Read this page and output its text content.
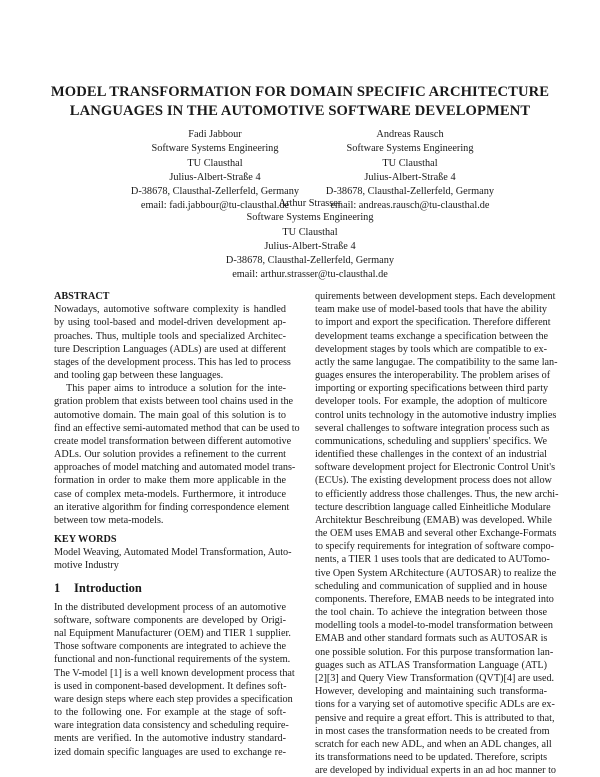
MODEL TRANSFORMATION FOR DOMAIN SPECIFIC ARCHITECTURE
LANGUAGES IN THE AUTOMOTIVE SOFTWARE DEVELOPMENT
Fadi Jabbour
Software Systems Engineering
TU Clausthal
Julius-Albert-Straße 4
D-38678, Clausthal-Zellerfeld, Germany
email: fadi.jabbour@tu-clausthal.de
Andreas Rausch
Software Systems Engineering
TU Clausthal
Julius-Albert-Straße 4
D-38678, Clausthal-Zellerfeld, Germany
email: andreas.rausch@tu-clausthal.de
Arthur Strasser
Software Systems Engineering
TU Clausthal
Julius-Albert-Straße 4
D-38678, Clausthal-Zellerfeld, Germany
email: arthur.strasser@tu-clausthal.de
ABSTRACT
Nowadays, automotive software complexity is handled
by using tool-based and model-driven development ap-
proaches. Thus, multiple tools and specialized Architec-
ture Description Languages (ADLs) are used at different
stages of the development process. This has led to process
and tooling gap between these languages.
This paper aims to introduce a solution for the inte-
gration problem that exists between tool chains used in the
automotive domain. The main goal of this solution is to
find an effective semi-automated method that can be used to
create model transformation between different automotive
ADLs. Our solution provides a refinement to the current
approaches of model matching and automated model trans-
formation in order to make them more applicable in the
case of complex meta-models. Furthermore, it introduce
an iterative algorithm for finding correspondence element
between tow meta-models.
KEY WORDS
Model Weaving, Automated Model Transformation, Auto-
motive Industry
1 Introduction
In the distributed development process of an automotive
software, software components are developed by Origi-
nal Equipment Manufacturer (OEM) and TIER 1 supplier.
Those software components are integrated to achieve the
functional and non-functional requirements of the system.
The V-model [1] is a well known development process that
is used in component-based development. It defines soft-
ware design steps where each step provides a specification
to the following one. For example at the stage of soft-
ware integration data consistency and scheduling require-
ments are verified. In the automotive industry standard-
ized domain specific languages are used to exchange re-
quirements between development steps. Each development
team make use of model-based tools that have the ability
to import and export the specification. Therefore different
development teams exchange a specification between the
development stages by tools which are compatible to ex-
actly the same langugae. The compatibility to the same lan-
guages ensures the interoperability. The problem arises of
importing or exporting specifications between third party
developer tools. For example, the adoption of multicore
control units technology in the automotive industry implies
several challenges to software integration process such as
communications, scheduling and suppliers' specifics. We
identified these challenges in the context of an industrial
software development project for Electronic Control Unit's
(ECUs). The existing development process does not allow
to efficiently address those challenges. Thus, the new archi-
tecture describtion language called Einheitliche Modulare
Architektur Beschreibung (EMAB) was developed. While
the OEM uses EMAB and several other Exchange-Formats
to specify requirements for integration of software compo-
nents, a TIER 1 uses tools that are dedicated to AUTomo-
tive Open System ARchitecture (AUTOSAR) to realize the
scheduling and communication of supplied and in house
components. Therefore, EMAB needs to be integrated into
the tool chain. To achieve the integration between those
modelling tools a model-to-model transformation between
EMAB and other standard formats such as AUTOSAR is
one possible solution. For this purpose transformation lan-
guages such as ATLAS Transformation Language (ATL)
[2][3] and Query View Transformation (QVT)[4] are used.
However, developing and maintaining such transforma-
tions for a varying set of automotive specific ADLs are ex-
pensive and require a great effort. This is attributed to that,
in most cases the transformation needs to be created from
scratch for each new ADL, and when an ADL changes, all
its transformations need to be updated. Therefore, scripts
are developed by individual experts in an ad hoc manner to
